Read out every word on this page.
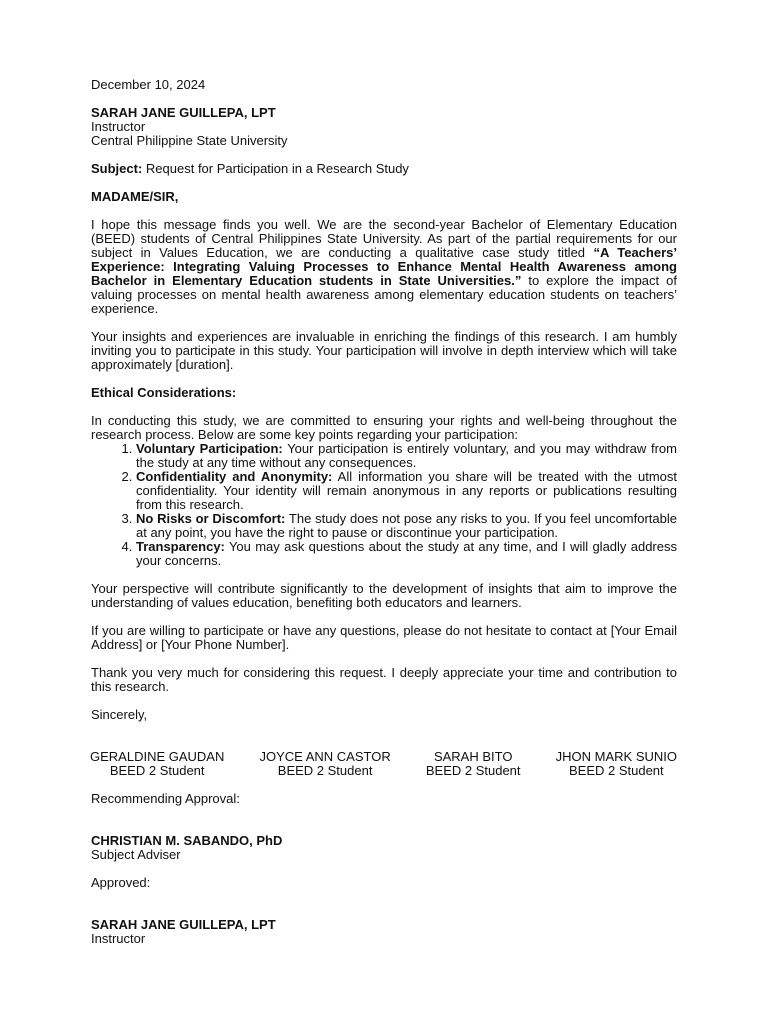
December 10, 2024

SARAH JANE GUILLEPA, LPT

Instructor

Central Philippine State University

Subject: Request for Participation in a Research Study

MADAME/SIR,

I hope this message finds you well. We are the second-year Bachelor of Elementary Education (BEED) students of Central Philippines State University. As part of the partial requirements for our subject in Values Education, we are conducting a qualitative case study titled “A Teachers’ Experience: Integrating Valuing Processes to Enhance Mental Health Awareness among Bachelor in Elementary Education students in State Universities.” to explore the impact of valuing processes on mental health awareness among elementary education students on teachers’ experience.

Your insights and experiences are invaluable in enriching the findings of this research. I am humbly inviting you to participate in this study. Your participation will involve in depth interview which will take approximately [duration].

Ethical Considerations:

In conducting this study, we are committed to ensuring your rights and well-being throughout the research process. Below are some key points regarding your participation:

1. Voluntary Participation: Your participation is entirely voluntary, and you may withdraw from the study at any time without any consequences.
2. Confidentiality and Anonymity: All information you share will be treated with the utmost confidentiality. Your identity will remain anonymous in any reports or publications resulting from this research.
3. No Risks or Discomfort: The study does not pose any risks to you. If you feel uncomfortable at any point, you have the right to pause or discontinue your participation.
4. Transparency: You may ask questions about the study at any time, and I will gladly address your concerns.

Your perspective will contribute significantly to the development of insights that aim to improve the understanding of values education, benefiting both educators and learners.

If you are willing to participate or have any questions, please do not hesitate to contact at [Your Email Address] or [Your Phone Number].

Thank you very much for considering this request. I deeply appreciate your time and contribution to this research.

Sincerely,

GERALDINE GAUDAN

BEED 2 Student

JOYCE ANN CASTOR

BEED 2 Student

SARAH BITO

BEED 2 Student

JHON MARK SUNIO

BEED 2 Student

Recommending Approval:

CHRISTIAN M. SABANDO, PhD

Subject Adviser

Approved:

SARAH JANE GUILLEPA, LPT

Instructor
